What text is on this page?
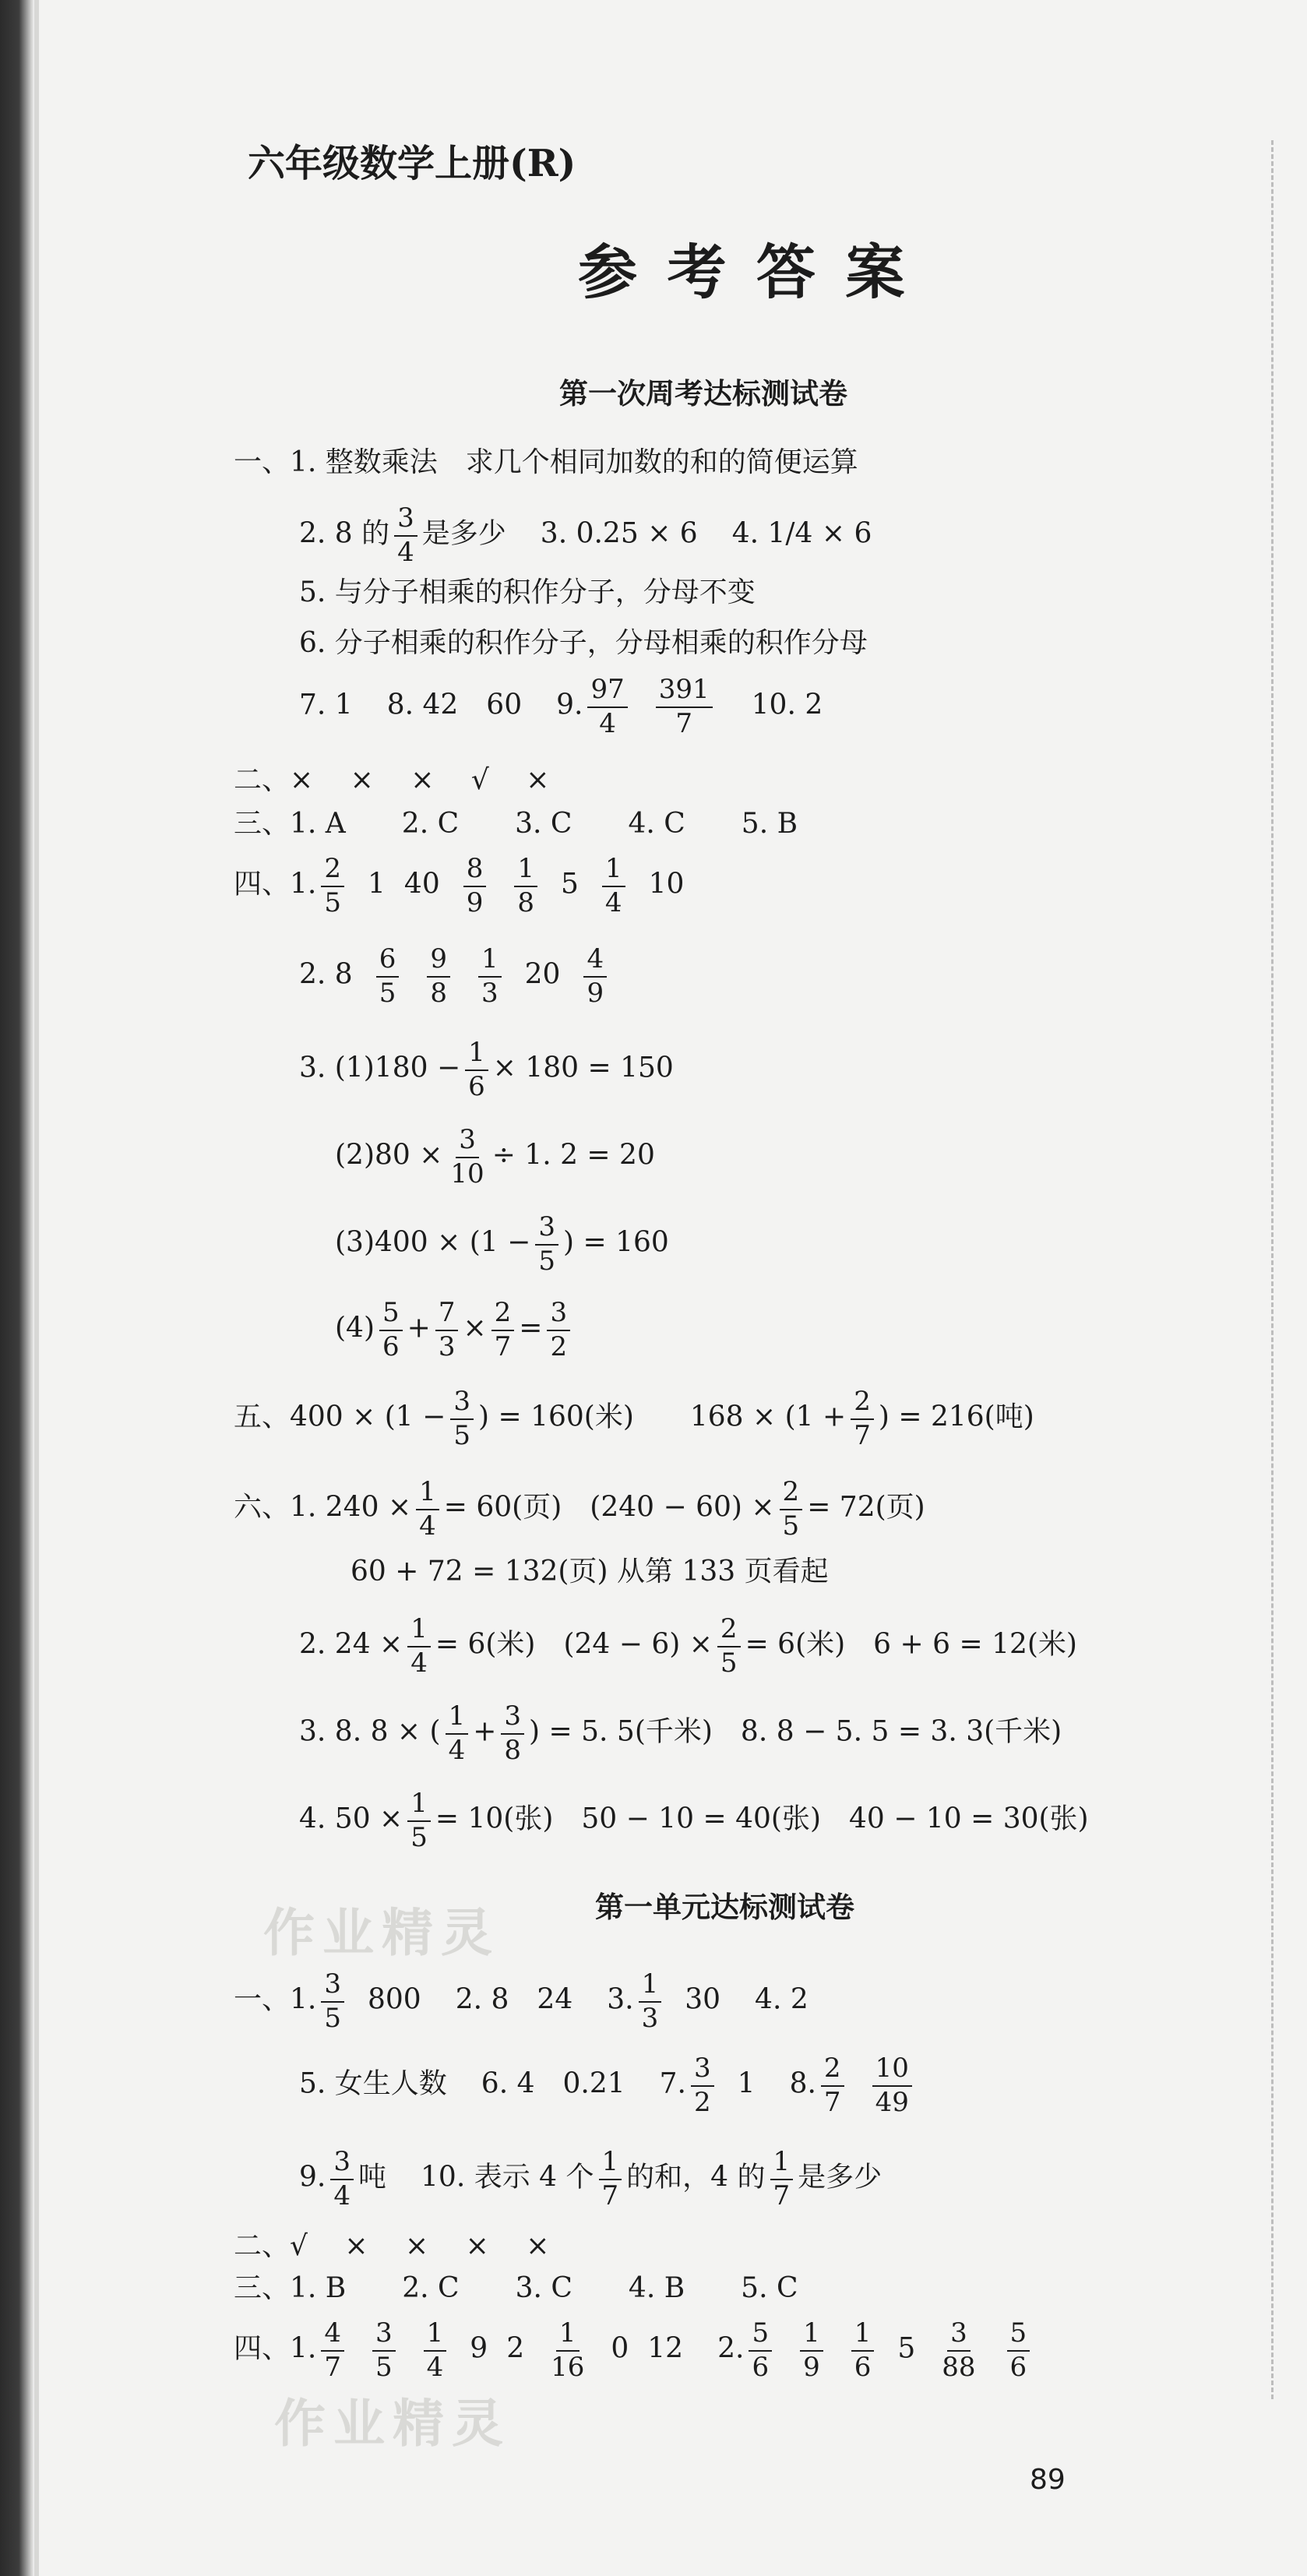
六年级数学上册(R)
参 考 答 案
第一次周考达标测试卷
一、1. 整数乘法　求几个相同加数的和的简便运算
2. 8 的 $\frac{3}{4}$ 是多少 3. 0.25 × 6 4. 1/4 × 6
5. 与分子相乘的积作分子，分母不变
6. 分子相乘的积作分子，分母相乘的积作分母
7. 1 8. 42　60 9. $\frac{97}{4} \frac{391}{7} 10$. 2
二、×　 ×　 ×　 √　 ×
三、1. A　　2. C　　3. C　　4. C　　5. B
四、1. $\frac{2}{5} 1$ $40 \frac{8}{9} \frac{1}{8} 5 \frac{1}{4} 10$
2. $8 \frac{6}{5} \frac{9}{8} \frac{1}{3} 20 \frac{4}{9}$
3. $(1)180 - \frac{1}{6} \times 180 = 150$
$(2)80 \times \frac{3}{10} \div 1$. 2 = 20
$(3)400 \times (1 - \frac{3}{5}$ ) = 160
$(4) \frac{5}{6} + \frac{7}{3} \times \frac{2}{7} = \frac{3}{2}$
五、$400 \times (1 - \frac{3}{5}$ ) = 160(米)　　$168 \times (1 + \frac{2}{7}$ ) = 216(吨)
六、1. $240 \times \frac{1}{4} = 60$(页)　$(240 - 60) \times \frac{2}{5} = 72$(页)
60 + 72 = 132(页) 从第 133 页看起
2. $24 \times \frac{1}{4} = 6$(米)　$(24 - 6) \times \frac{2}{5} = 6$(米)　6 + 6 = 12(米)
3. 8. 8 × ( $\frac{1}{4} + \frac{3}{8}$ ) = 5. 5(千米)　8. 8 − 5. 5 = 3. 3(千米)
4. $50 \times \frac{1}{5} = 10$(张)　50 − 10 = 40(张)　40 − 10 = 30(张)
作业精灵	第一单元达标测试卷
一、1. $\frac{3}{5} 800$ 2. 8　24 3. $\frac{1}{3} 30$ 4. 2
5. 女生人数 6. 4　0.21 7. $\frac{3}{2} 1$ 8. $\frac{2}{7} \frac{10}{49}$
9. $\frac{3}{4}$ 吨 10. 表示 4 个 $\frac{1}{7}$ 的和，4 的 $\frac{1}{7}$ 是多少
二、√　 ×　 ×　 ×　 ×
三、1. B　　2. C　　3. C　　4. B　　5. C
四、1. $\frac{4}{7} \frac{3}{5} \frac{1}{4} 9$ $2 \frac{1}{16} 0$ 12 2. $\frac{5}{6} \frac{1}{9} \frac{1}{6} 5 \frac{3}{88} \frac{5}{6}$
作业精灵
89
